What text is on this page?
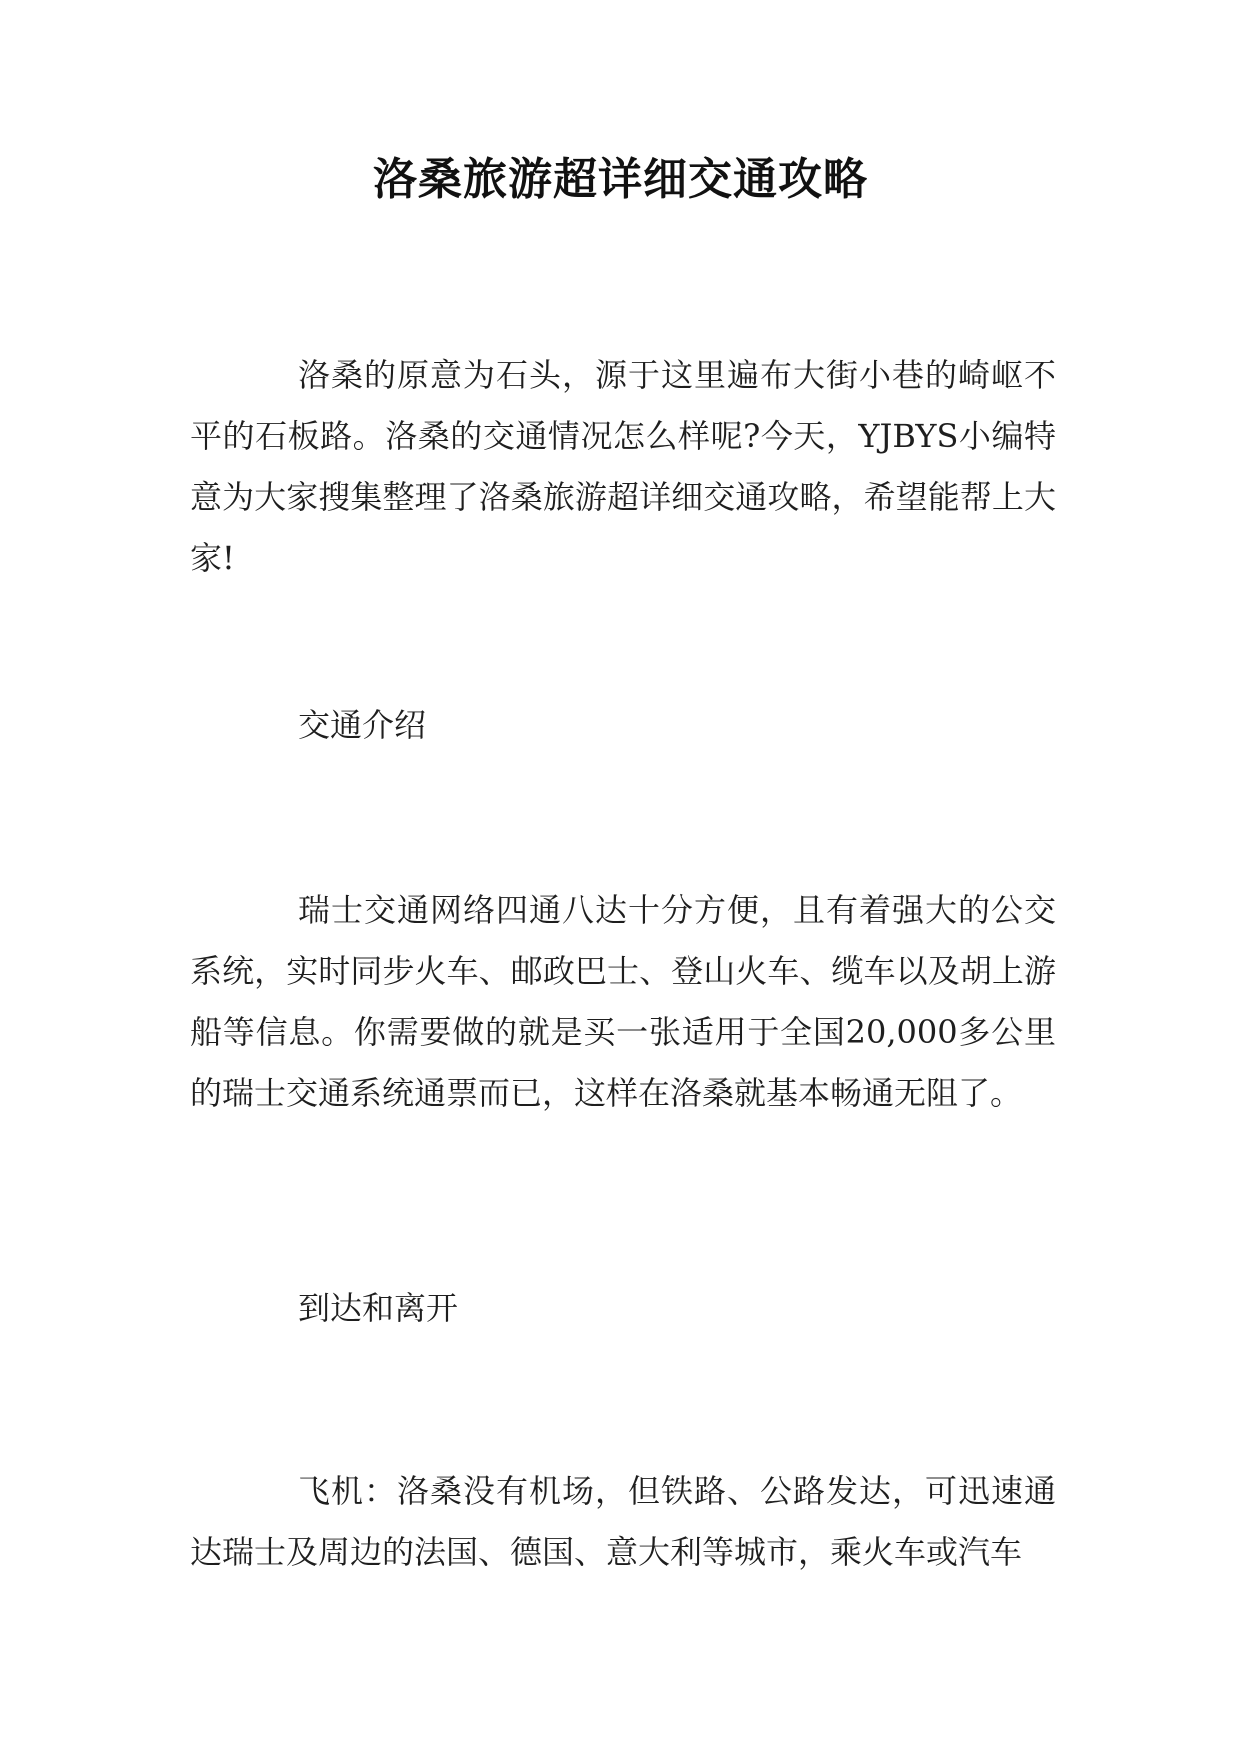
洛桑旅游超详细交通攻略

洛桑的原意为石头，源于这里遍布大街小巷的崎岖不平的石板路。洛桑的交通情况怎么样呢?今天，YJBYS小编特意为大家搜集整理了洛桑旅游超详细交通攻略，希望能帮上大家!

交通介绍

瑞士交通网络四通八达十分方便，且有着强大的公交系统，实时同步火车、邮政巴士、登山火车、缆车以及胡上游船等信息。你需要做的就是买一张适用于全国20,000多公里的瑞士交通系统通票而已，这样在洛桑就基本畅通无阻了。

到达和离开

飞机：洛桑没有机场，但铁路、公路发达，可迅速通达瑞士及周边的法国、德国、意大利等城市，乘火车或汽车
